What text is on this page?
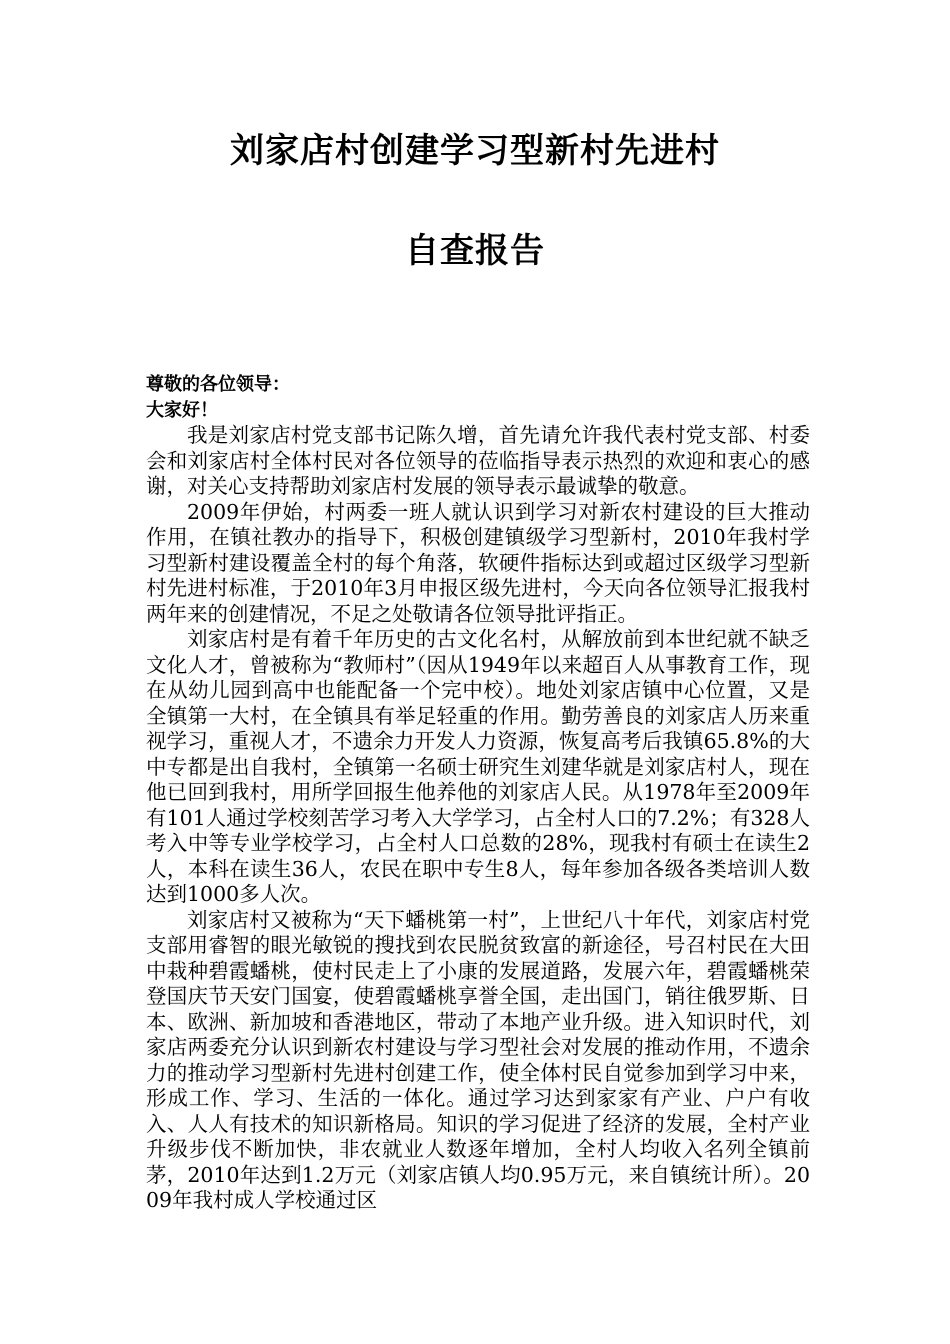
刘家店村创建学习型新村先进村
自查报告

尊敬的各位领导：

大家好！

我是刘家店村党支部书记陈久增，首先请允许我代表村党支部、村委会和刘家店村全体村民对各位领导的莅临指导表示热烈的欢迎和衷心的感谢，对关心支持帮助刘家店村发展的领导表示最诚挚的敬意。

2009年伊始，村两委一班人就认识到学习对新农村建设的巨大推动作用，在镇社教办的指导下，积极创建镇级学习型新村，2010年我村学习型新村建设覆盖全村的每个角落，软硬件指标达到或超过区级学习型新村先进村标准，于2010年3月申报区级先进村，今天向各位领导汇报我村两年来的创建情况，不足之处敬请各位领导批评指正。

刘家店村是有着千年历史的古文化名村，从解放前到本世纪就不缺乏文化人才，曾被称为“教师村”（因从1949年以来超百人从事教育工作，现在从幼儿园到高中也能配备一个完中校）。地处刘家店镇中心位置，又是全镇第一大村，在全镇具有举足轻重的作用。勤劳善良的刘家店人历来重视学习，重视人才，不遗余力开发人力资源，恢复高考后我镇65.8%的大中专都是出自我村，全镇第一名硕士研究生刘建华就是刘家店村人，现在他已回到我村，用所学回报生他养他的刘家店人民。从1978年至2009年有101人通过学校刻苦学习考入大学学习，占全村人口的7.2%；有328人考入中等专业学校学习，占全村人口总数的28%，现我村有硕士在读生2人，本科在读生36人，农民在职中专生8人，每年参加各级各类培训人数达到1000多人次。

刘家店村又被称为“天下蟠桃第一村”，上世纪八十年代，刘家店村党支部用睿智的眼光敏锐的搜找到农民脱贫致富的新途径，号召村民在大田中栽种碧霞蟠桃，使村民走上了小康的发展道路，发展六年，碧霞蟠桃荣登国庆节天安门国宴，使碧霞蟠桃享誉全国，走出国门，销往俄罗斯、日本、欧洲、新加坡和香港地区，带动了本地产业升级。进入知识时代，刘家店两委充分认识到新农村建设与学习型社会对发展的推动作用，不遗余力的推动学习型新村先进村创建工作，使全体村民自觉参加到学习中来，形成工作、学习、生活的一体化。通过学习达到家家有产业、户户有收入、人人有技术的知识新格局。知识的学习促进了经济的发展，全村产业升级步伐不断加快，非农就业人数逐年增加，全村人均收入名列全镇前茅，2010年达到1.2万元（刘家店镇人均0.95万元，来自镇统计所）。2009年我村成人学校通过区
